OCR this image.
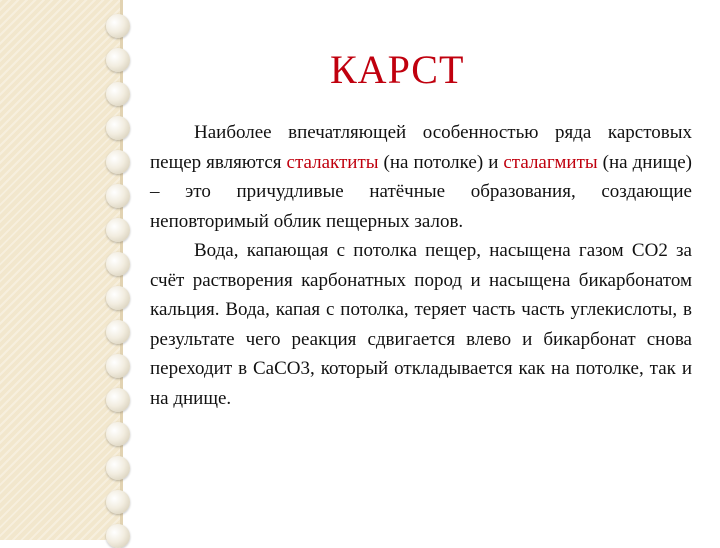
КАРСТ

Наиболее впечатляющей особенностью ряда карстовых пещер являются сталактиты (на потолке) и сталагмиты (на днище) – это причудливые натёчные образования, создающие неповторимый облик пещерных залов.

Вода, капающая с потолка пещер, насыщена газом СО2 за счёт растворения карбонатных пород и насыщена бикарбонатом кальция. Вода, капая с потолка, теряет часть часть углекислоты, в результате чего реакция сдвигается влево и бикарбонат снова переходит в СаСО3, который откладывается как на потолке, так и на днище.
